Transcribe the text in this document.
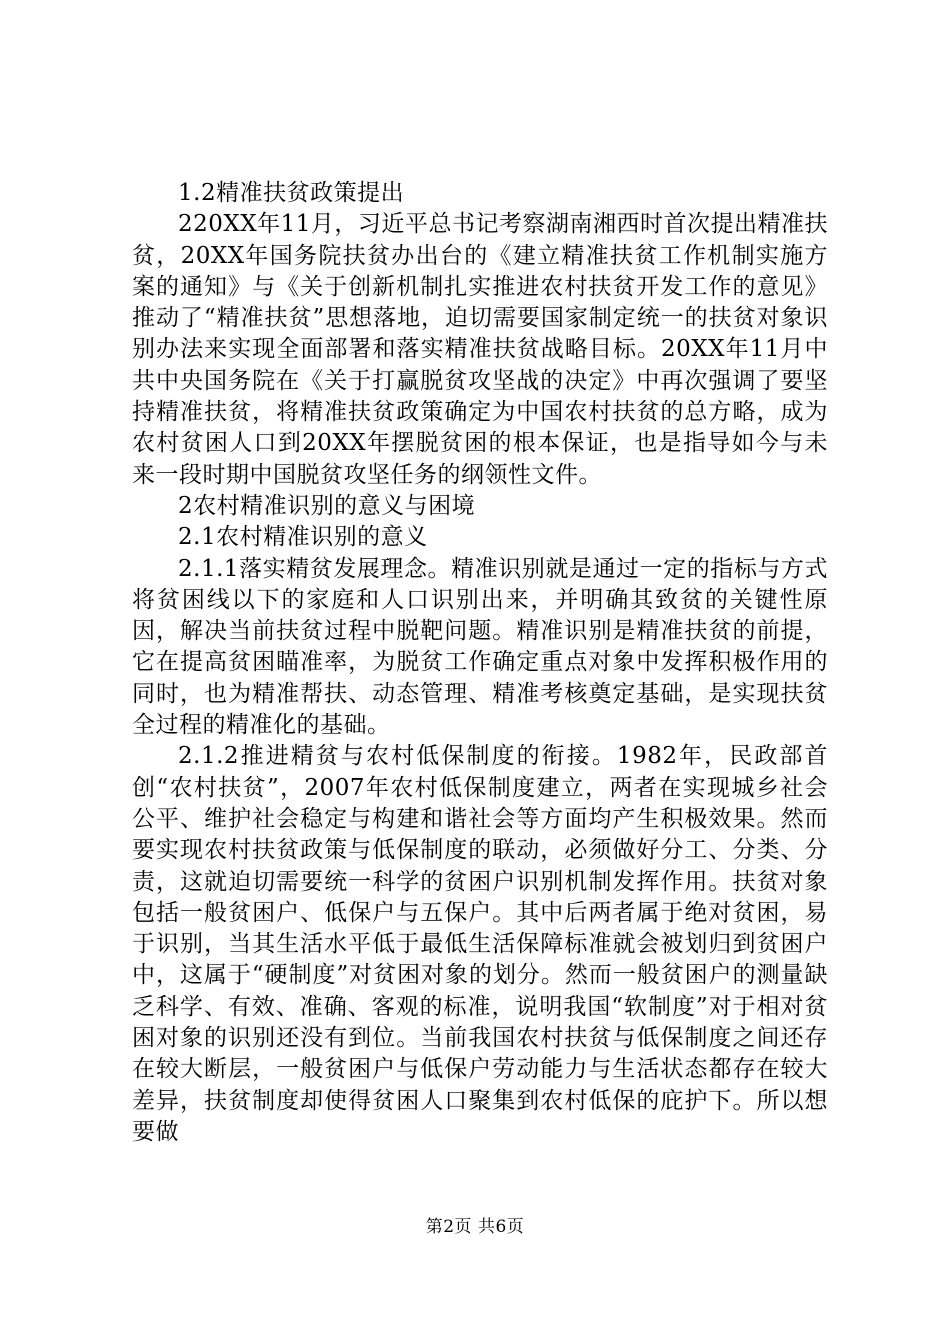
1.2精准扶贫政策提出

220XX年11月，习近平总书记考察湖南湘西时首次提出精准扶贫，20XX年国务院扶贫办出台的《建立精准扶贫工作机制实施方案的通知》与《关于创新机制扎实推进农村扶贫开发工作的意见》推动了“精准扶贫”思想落地，迫切需要国家制定统一的扶贫对象识别办法来实现全面部署和落实精准扶贫战略目标。20XX年11月中共中央国务院在《关于打赢脱贫攻坚战的决定》中再次强调了要坚持精准扶贫，将精准扶贫政策确定为中国农村扶贫的总方略，成为农村贫困人口到20XX年摆脱贫困的根本保证，也是指导如今与未来一段时期中国脱贫攻坚任务的纲领性文件。

2农村精准识别的意义与困境

2.1农村精准识别的意义

2.1.1落实精贫发展理念。精准识别就是通过一定的指标与方式将贫困线以下的家庭和人口识别出来，并明确其致贫的关键性原因，解决当前扶贫过程中脱靶问题。精准识别是精准扶贫的前提，它在提高贫困瞄准率，为脱贫工作确定重点对象中发挥积极作用的同时，也为精准帮扶、动态管理、精准考核奠定基础，是实现扶贫全过程的精准化的基础。

2.1.2推进精贫与农村低保制度的衔接。1982年，民政部首创“农村扶贫”，2007年农村低保制度建立，两者在实现城乡社会公平、维护社会稳定与构建和谐社会等方面均产生积极效果。然而要实现农村扶贫政策与低保制度的联动，必须做好分工、分类、分责，这就迫切需要统一科学的贫困户识别机制发挥作用。扶贫对象包括一般贫困户、低保户与五保户。其中后两者属于绝对贫困，易于识别，当其生活水平低于最低生活保障标准就会被划归到贫困户中，这属于“硬制度”对贫困对象的划分。然而一般贫困户的测量缺乏科学、有效、准确、客观的标准，说明我国“软制度”对于相对贫困对象的识别还没有到位。当前我国农村扶贫与低保制度之间还存在较大断层，一般贫困户与低保户劳动能力与生活状态都存在较大差异，扶贫制度却使得贫困人口聚集到农村低保的庇护下。所以想要做

第2页 共6页
